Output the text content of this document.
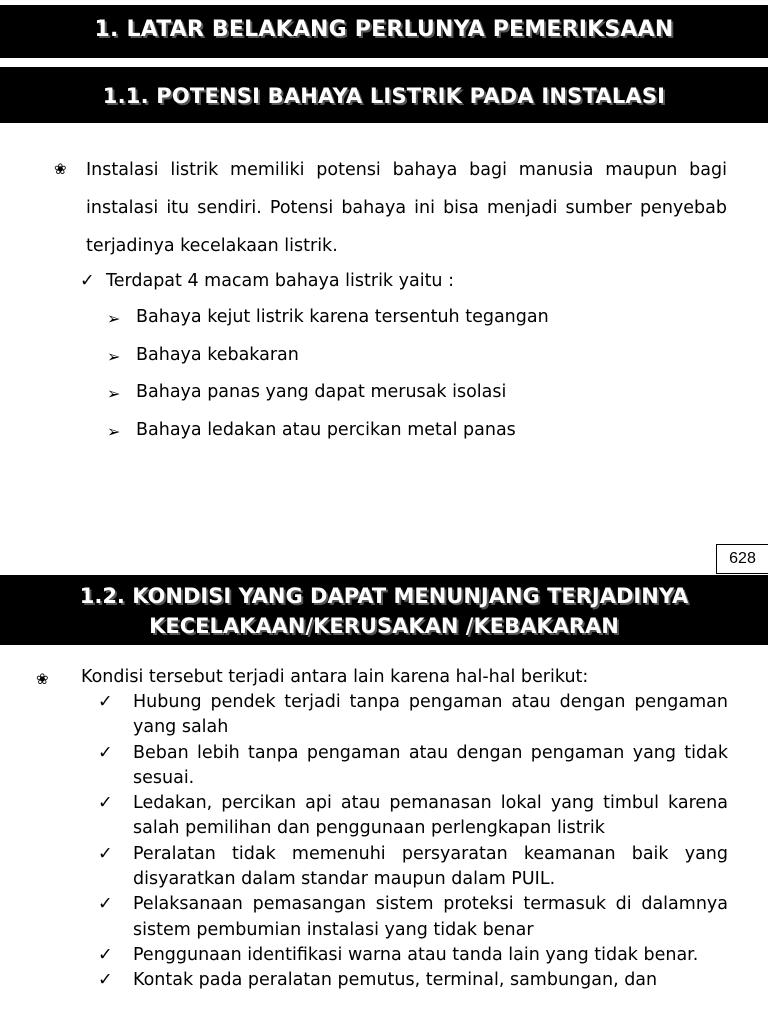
1. LATAR BELAKANG PERLUNYA PEMERIKSAAN
1.1. POTENSI BAHAYA LISTRIK PADA INSTALASI
❀ Instalasi listrik memiliki potensi bahaya bagi manusia maupun bagi instalasi itu sendiri. Potensi bahaya ini bisa menjadi sumber penyebab terjadinya kecelakaan listrik.
✓ Terdapat 4 macam bahaya listrik yaitu :
➢ Bahaya kejut listrik karena tersentuh tegangan
➢ Bahaya kebakaran
➢ Bahaya panas yang dapat merusak isolasi
➢ Bahaya ledakan atau percikan metal panas
628
1.2. KONDISI YANG DAPAT MENUNJANG TERJADINYA
KECELAKAAN/KERUSAKAN /KEBAKARAN
❀ Kondisi tersebut terjadi antara lain karena hal-hal berikut:
✓ Hubung pendek terjadi tanpa pengaman atau dengan pengaman yang salah
✓ Beban lebih tanpa pengaman atau dengan pengaman yang tidak sesuai.
✓ Ledakan, percikan api atau pemanasan lokal yang timbul karena salah pemilihan dan penggunaan perlengkapan listrik
✓ Peralatan tidak memenuhi persyaratan keamanan baik yang disyaratkan dalam standar maupun dalam PUIL.
✓ Pelaksanaan pemasangan sistem proteksi termasuk di dalamnya sistem pembumian instalasi yang tidak benar
✓ Penggunaan identifikasi warna atau tanda lain yang tidak benar.
✓ Kontak pada peralatan pemutus, terminal, sambungan, dan
